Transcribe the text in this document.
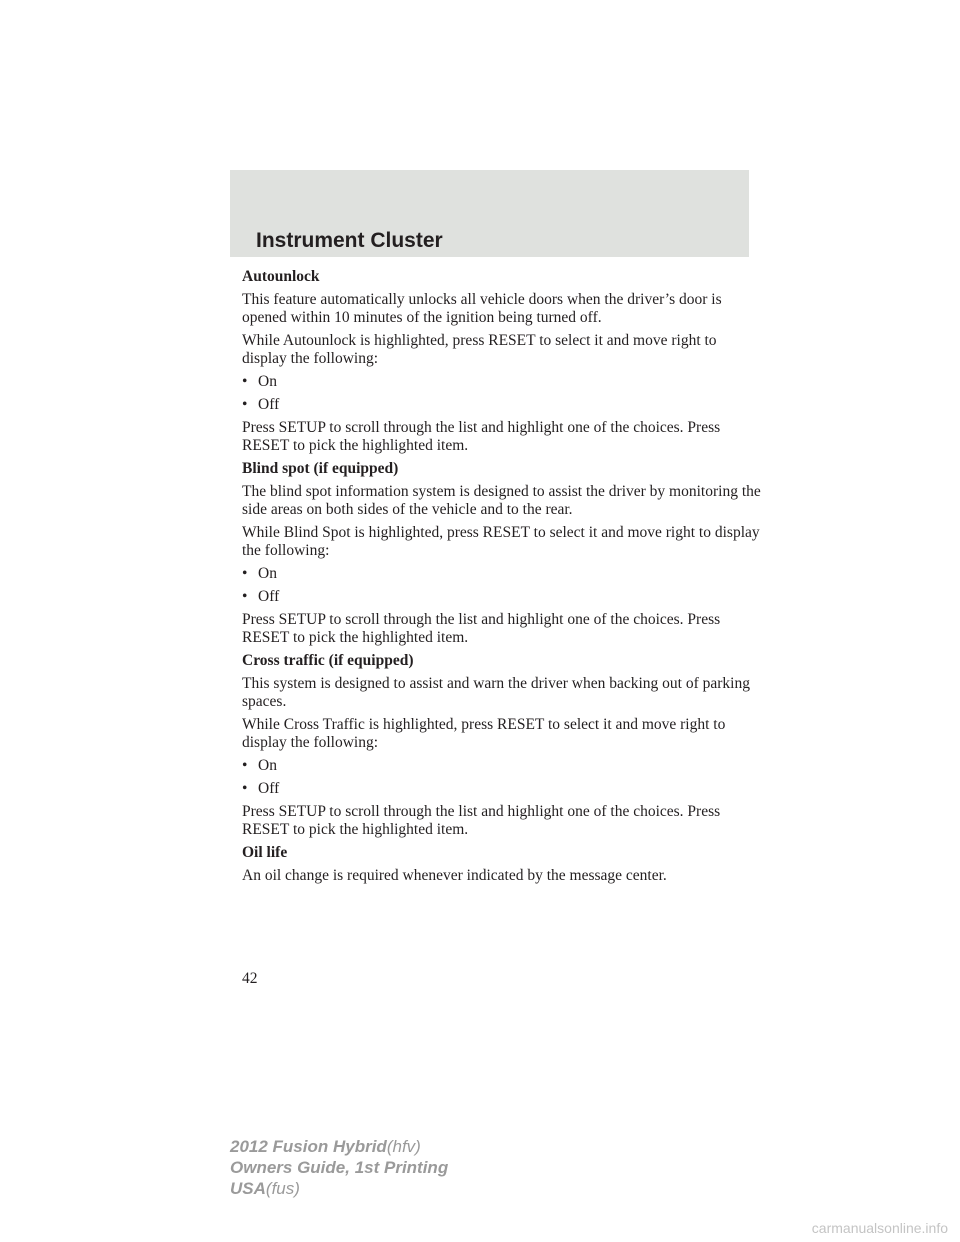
Instrument Cluster
Autounlock

This feature automatically unlocks all vehicle doors when the driver’s door is opened within 10 minutes of the ignition being turned off.

While Autounlock is highlighted, press RESET to select it and move right to display the following:

• On
• Off

Press SETUP to scroll through the list and highlight one of the choices. Press RESET to pick the highlighted item.

Blind spot (if equipped)

The blind spot information system is designed to assist the driver by monitoring the side areas on both sides of the vehicle and to the rear.

While Blind Spot is highlighted, press RESET to select it and move right to display the following:

• On
• Off

Press SETUP to scroll through the list and highlight one of the choices. Press RESET to pick the highlighted item.

Cross traffic (if equipped)

This system is designed to assist and warn the driver when backing out of parking spaces.

While Cross Traffic is highlighted, press RESET to select it and move right to display the following:

• On
• Off

Press SETUP to scroll through the list and highlight one of the choices. Press RESET to pick the highlighted item.

Oil life

An oil change is required whenever indicated by the message center.

42
2012 Fusion Hybrid(hfv)
Owners Guide, 1st Printing
USA(fus)
carmanualsonline.info
